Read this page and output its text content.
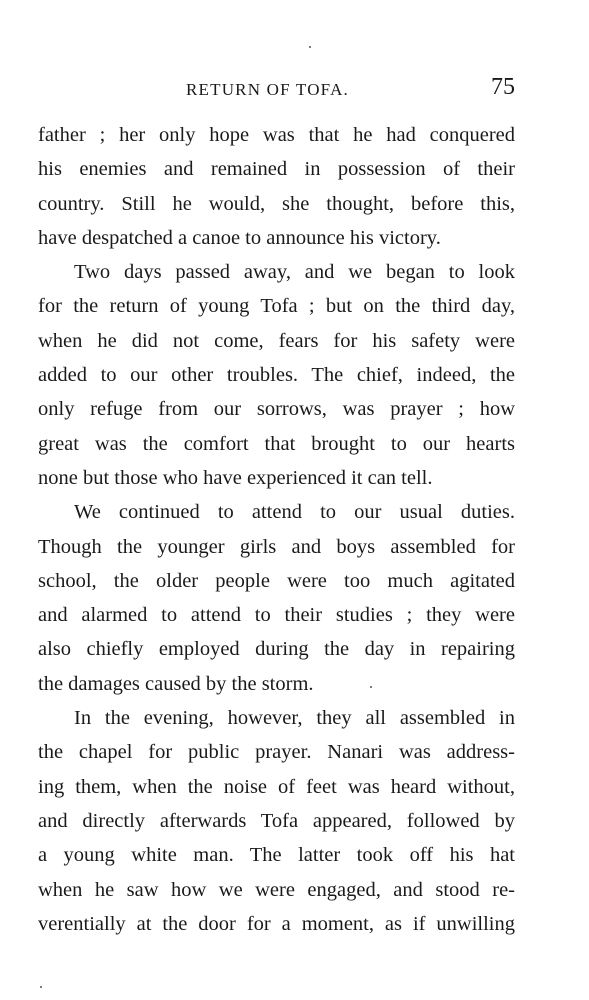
RETURN OF TOFA.	75
father ; her only hope was that he had conquered
his enemies and remained in possession of their
country. Still he would, she thought, before this,
have despatched a canoe to announce his victory.
Two days passed away, and we began to look
for the return of young Tofa ; but on the third day,
when he did not come, fears for his safety were
added to our other troubles. The chief, indeed, the
only refuge from our sorrows, was prayer ; how
great was the comfort that brought to our hearts
none but those who have experienced it can tell.
We continued to attend to our usual duties.
Though the younger girls and boys assembled for
school, the older people were too much agitated
and alarmed to attend to their studies ; they were
also chiefly employed during the day in repairing
the damages caused by the storm.
In the evening, however, they all assembled in
the chapel for public prayer. Nanari was address-
ing them, when the noise of feet was heard without,
and directly afterwards Tofa appeared, followed by
a young white man. The latter took off his hat
when he saw how we were engaged, and stood re-
verentially at the door for a moment, as if unwilling
